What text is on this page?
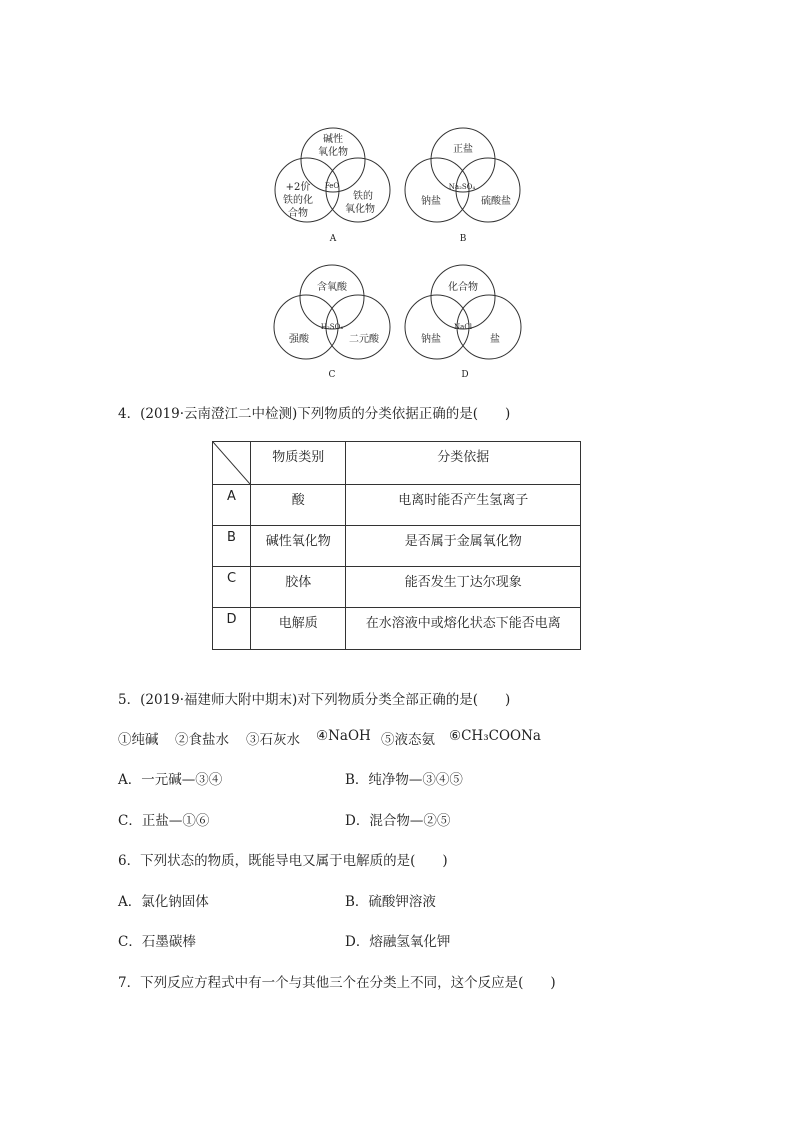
碱性
氧化物
+2价
铁的化
合物
铁的
氧化物
FeO
A
正盐
钠盐	硫酸盐
Na₂SO₄
B
含氧酸
强酸	二元酸
H₂SO₄
C
化合物
钠盐	盐
NaCl
D
4．(2019·云南澄江二中检测)下列物质的分类依据正确的是(　　)
	物质类别	分类依据
A	酸	电离时能否产生氢离子
B	碱性氧化物	是否属于金属氧化物
C	胶体	能否发生丁达尔现象
D	电解质	在水溶液中或熔化状态下能否电离
5．(2019·福建师大附中期末)对下列物质分类全部正确的是(　　)
①纯碱 ②食盐水 ③石灰水 ④NaOH ⑤液态氨 ⑥CH₃COONa
A．一元碱—③④	B．纯净物—③④⑤
C．正盐—①⑥	D．混合物—②⑤
6．下列状态的物质，既能导电又属于电解质的是(　　)
A．氯化钠固体	B．硫酸钾溶液
C．石墨碳棒	D．熔融氢氧化钾
7．下列反应方程式中有一个与其他三个在分类上不同，这个反应是(　　)
